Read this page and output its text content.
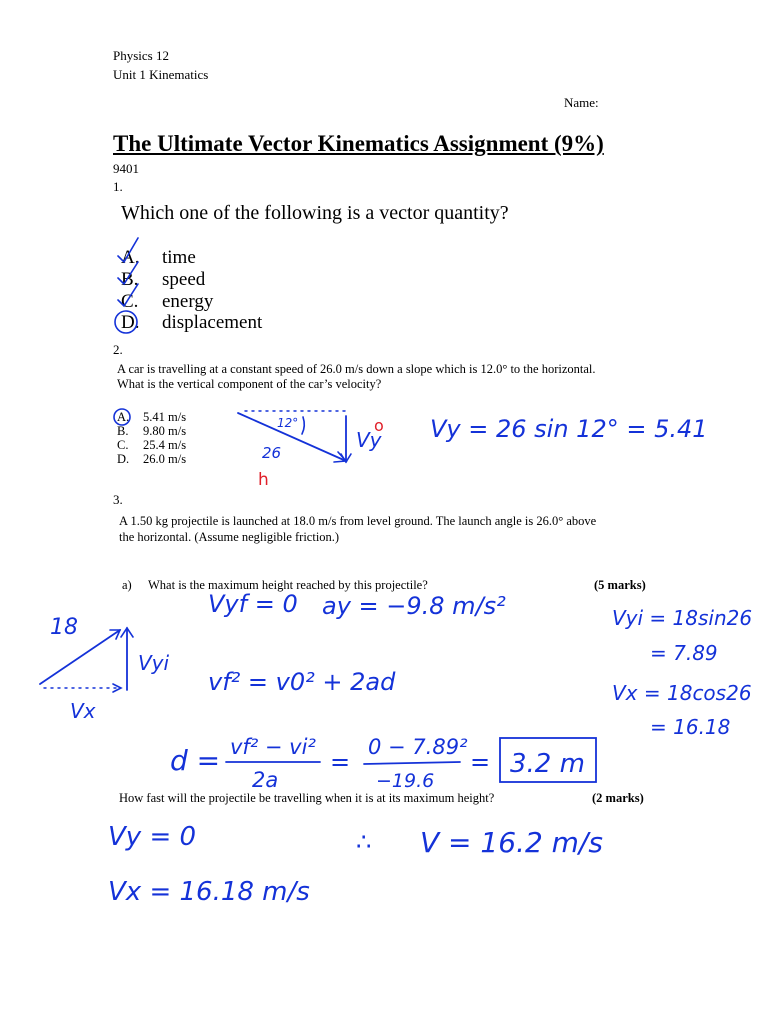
Physics 12
Unit 1 Kinematics
Name:
The Ultimate Vector Kinematics Assignment (9%)
9401
1.
Which one of the following is a vector quantity?
A. time
B. speed
C. energy
D. displacement
2.
A car is travelling at a constant speed of 26.0 m/s down a slope which is 12.0° to the horizontal.
What is the vertical component of the car’s velocity?
A. 5.41 m/s
B. 9.80 m/s
C. 25.4 m/s
D. 26.0 m/s
3.
A 1.50 kg projectile is launched at 18.0 m/s from level ground. The launch angle is 26.0° above
the horizontal. (Assume negligible friction.)
a) What is the maximum height reached by this projectile?	(5 marks)
How fast will the projectile be travelling when it is at its maximum height?	(2 marks)
12°
26
Vy
o
h
Vy = 26 sin 12° = 5.41
18
Vyi
Vx
Vyf = 0 ay = −9.8 m/s²
vf² = v0² + 2ad
Vyi = 18sin26
= 7.89
Vx = 18cos26
= 16.18
d = vf² − vi²
2a
=
0 − 7.89²
−19.6
= 3.2 m
Vy = 0	∴ V = 16.2 m/s
Vx = 16.18 m/s
